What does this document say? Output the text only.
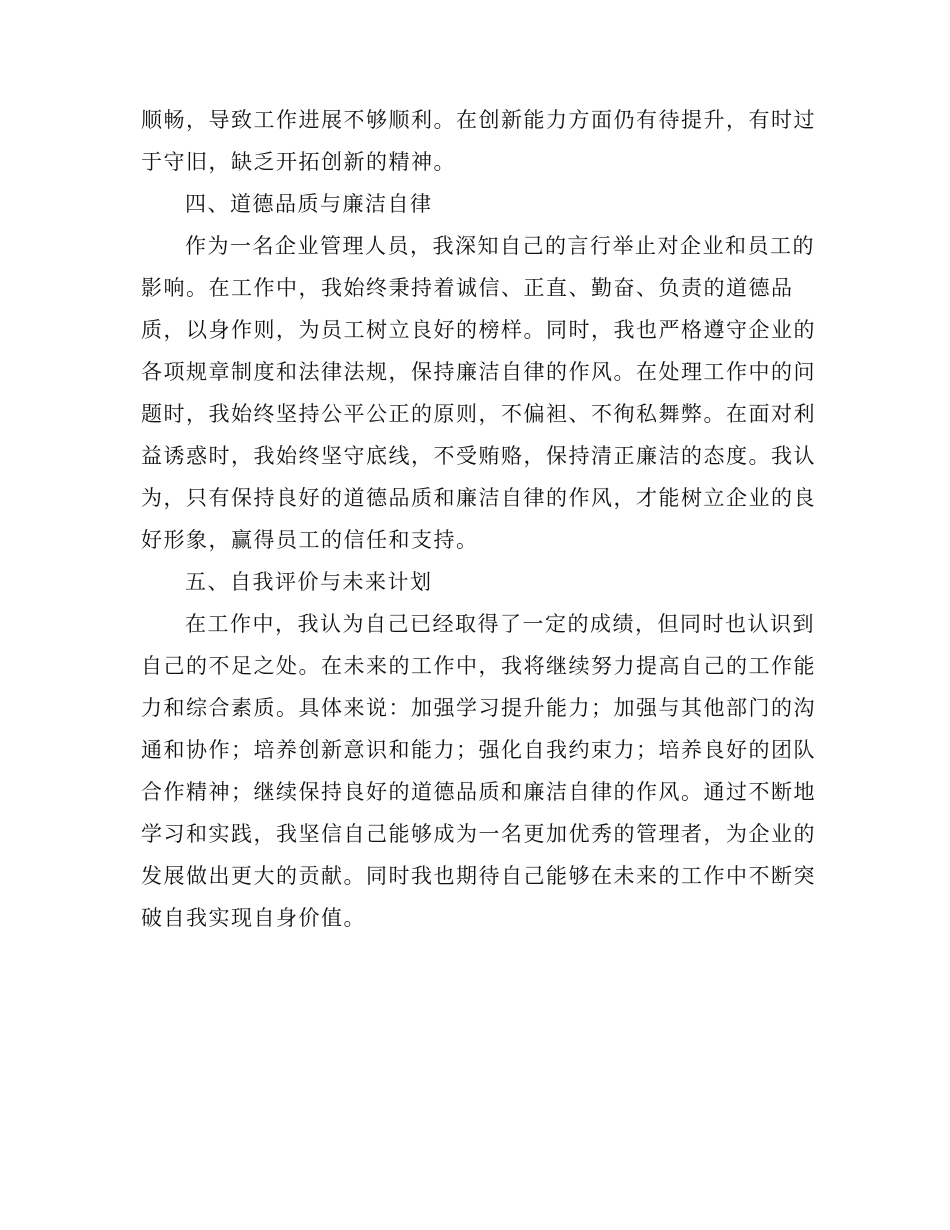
顺畅，导致工作进展不够顺利。在创新能力方面仍有待提升，有时过
于守旧，缺乏开拓创新的精神。
四、道德品质与廉洁自律
作为一名企业管理人员，我深知自己的言行举止对企业和员工的
影响。在工作中，我始终秉持着诚信、正直、勤奋、负责的道德品
质，以身作则，为员工树立良好的榜样。同时，我也严格遵守企业的
各项规章制度和法律法规，保持廉洁自律的作风。在处理工作中的问
题时，我始终坚持公平公正的原则，不偏袒、不徇私舞弊。在面对利
益诱惑时，我始终坚守底线，不受贿赂，保持清正廉洁的态度。我认
为，只有保持良好的道德品质和廉洁自律的作风，才能树立企业的良
好形象，赢得员工的信任和支持。
五、自我评价与未来计划
在工作中，我认为自己已经取得了一定的成绩，但同时也认识到
自己的不足之处。在未来的工作中，我将继续努力提高自己的工作能
力和综合素质。具体来说：加强学习提升能力；加强与其他部门的沟
通和协作；培养创新意识和能力；强化自我约束力；培养良好的团队
合作精神；继续保持良好的道德品质和廉洁自律的作风。通过不断地
学习和实践，我坚信自己能够成为一名更加优秀的管理者，为企业的
发展做出更大的贡献。同时我也期待自己能够在未来的工作中不断突
破自我实现自身价值。
